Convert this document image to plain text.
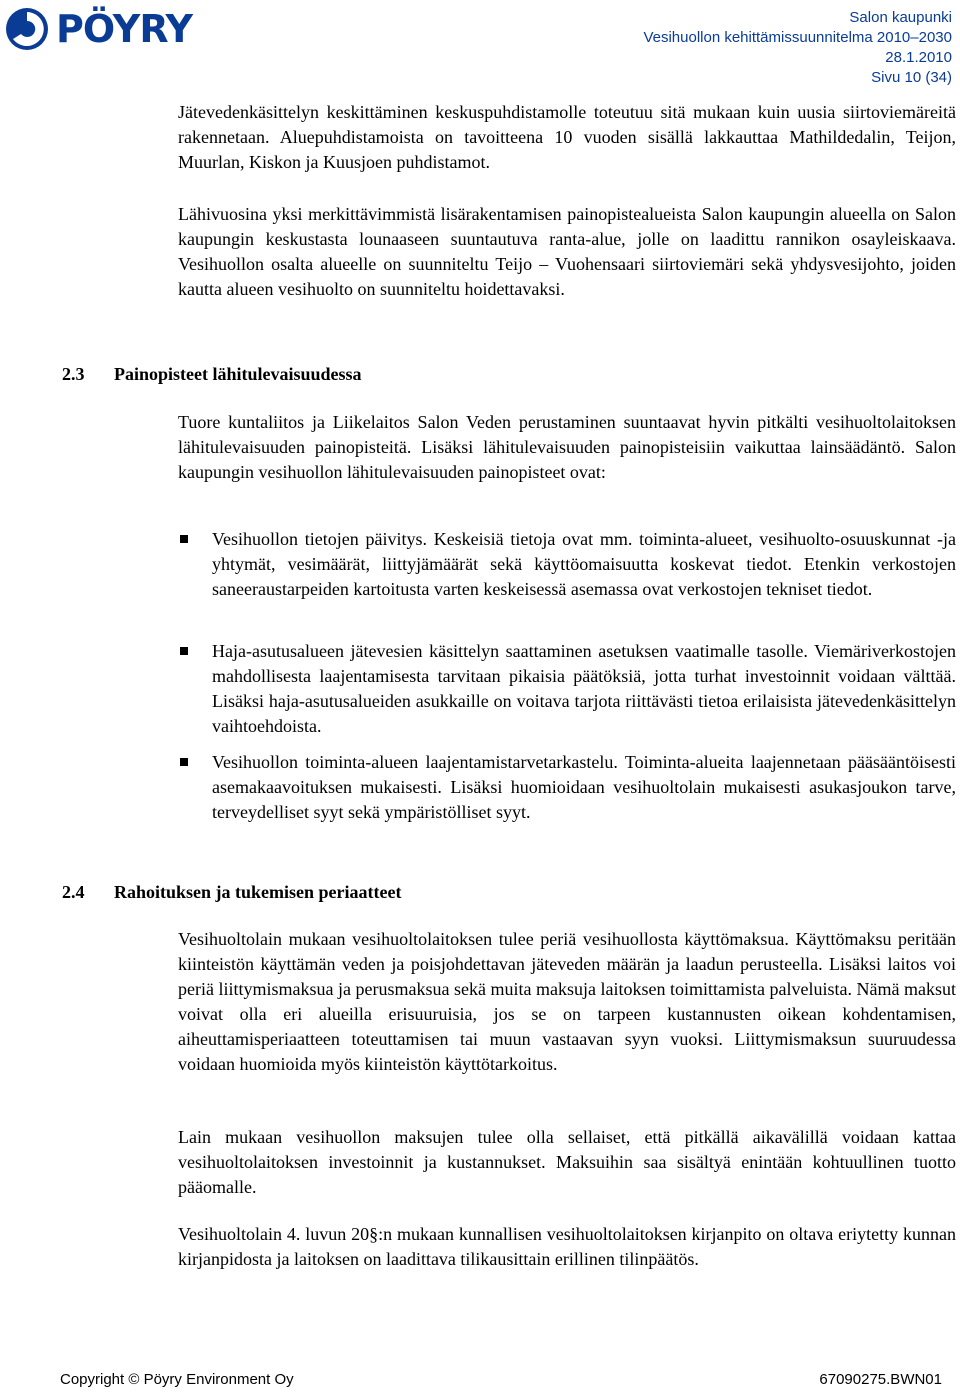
PÖYRY	Salon kaupunki
Vesihuollon kehittämissuunnitelma 2010–2030
28.1.2010
Sivu 10 (34)

Jätevedenkäsittelyn keskittäminen keskuspuhdistamolle toteutuu sitä mukaan kuin uusia siirtoviemäreitä rakennetaan. Aluepuhdistamoista on tavoitteena 10 vuoden sisällä lakkauttaa Mathildedalin, Teijon, Muurlan, Kiskon ja Kuusjoen puhdistamot.

Lähivuosina yksi merkittävimmistä lisärakentamisen painopistealueista Salon kaupungin alueella on Salon kaupungin keskustasta lounaaseen suuntautuva ranta-alue, jolle on laadittu rannikon osayleiskaava. Vesihuollon osalta alueelle on suunniteltu Teijo – Vuohensaari siirtoviemäri sekä yhdysvesijohto, joiden kautta alueen vesihuolto on suunniteltu hoidettavaksi.

2.3 Painopisteet lähitulevaisuudessa

Tuore kuntaliitos ja Liikelaitos Salon Veden perustaminen suuntaavat hyvin pitkälti vesihuoltolaitoksen lähitulevaisuuden painopisteitä. Lisäksi lähitulevaisuuden painopisteisiin vaikuttaa lainsäädäntö. Salon kaupungin vesihuollon lähitulevaisuuden painopisteet ovat:

Vesihuollon tietojen päivitys. Keskeisiä tietoja ovat mm. toiminta-alueet, vesihuolto-osuuskunnat -ja yhtymät, vesimäärät, liittyjämäärät sekä käyttöomaisuutta koskevat tiedot. Etenkin verkostojen saneeraustarpeiden kartoitusta varten keskeisessä asemassa ovat verkostojen tekniset tiedot.
Haja-asutusalueen jätevesien käsittelyn saattaminen asetuksen vaatimalle tasolle. Viemäriverkostojen mahdollisesta laajentamisesta tarvitaan pikaisia päätöksiä, jotta turhat investoinnit voidaan välttää. Lisäksi haja-asutusalueiden asukkaille on voitava tarjota riittävästi tietoa erilaisista jätevedenkäsittelyn vaihtoehdoista.
Vesihuollon toiminta-alueen laajentamistarvetarkastelu. Toiminta-alueita laajennetaan pääsääntöisesti asemakaavoituksen mukaisesti. Lisäksi huomioidaan vesihuoltolain mukaisesti asukasjoukon tarve, terveydelliset syyt sekä ympäristölliset syyt.
2.4 Rahoituksen ja tukemisen periaatteet

Vesihuoltolain mukaan vesihuoltolaitoksen tulee periä vesihuollosta käyttömaksua. Käyttömaksu peritään kiinteistön käyttämän veden ja poisjohdettavan jäteveden määrän ja laadun perusteella. Lisäksi laitos voi periä liittymismaksua ja perusmaksua sekä muita maksuja laitoksen toimittamista palveluista. Nämä maksut voivat olla eri alueilla erisuuruisia, jos se on tarpeen kustannusten oikean kohdentamisen, aiheuttamisperiaatteen toteuttamisen tai muun vastaavan syyn vuoksi. Liittymismaksun suuruudessa voidaan huomioida myös kiinteistön käyttötarkoitus.

Lain mukaan vesihuollon maksujen tulee olla sellaiset, että pitkällä aikavälillä voidaan kattaa vesihuoltolaitoksen investoinnit ja kustannukset. Maksuihin saa sisältyä enintään kohtuullinen tuotto pääomalle.

Vesihuoltolain 4. luvun 20§:n mukaan kunnallisen vesihuoltolaitoksen kirjanpito on oltava eriytetty kunnan kirjanpidosta ja laitoksen on laadittava tilikausittain erillinen tilinpäätös.

Copyright © Pöyry Environment Oy	67090275.BWN01
